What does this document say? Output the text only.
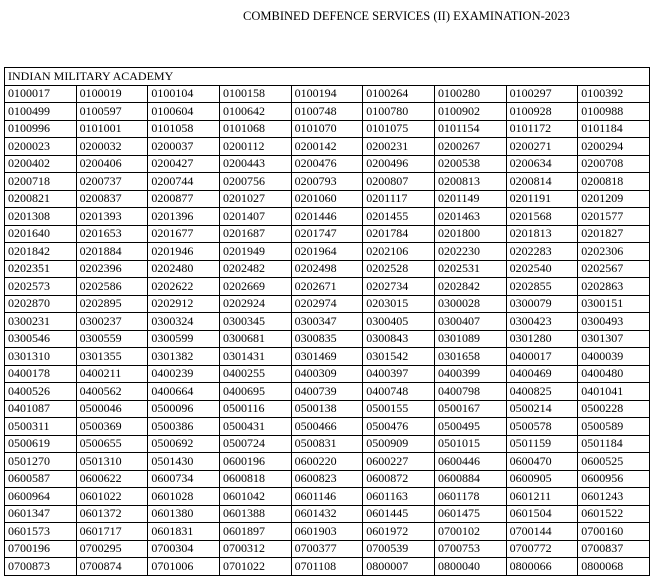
COMBINED DEFENCE SERVICES (II) EXAMINATION-2023
INDIAN MILITARY ACADEMY								
0100017	0100019	0100104	0100158	0100194	0100264	0100280	0100297	0100392
0100499	0100597	0100604	0100642	0100748	0100780	0100902	0100928	0100988
0100996	0101001	0101058	0101068	0101070	0101075	0101154	0101172	0101184
0200023	0200032	0200037	0200112	0200142	0200231	0200267	0200271	0200294
0200402	0200406	0200427	0200443	0200476	0200496	0200538	0200634	0200708
0200718	0200737	0200744	0200756	0200793	0200807	0200813	0200814	0200818
0200821	0200837	0200877	0201027	0201060	0201117	0201149	0201191	0201209
0201308	0201393	0201396	0201407	0201446	0201455	0201463	0201568	0201577
0201640	0201653	0201677	0201687	0201747	0201784	0201800	0201813	0201827
0201842	0201884	0201946	0201949	0201964	0202106	0202230	0202283	0202306
0202351	0202396	0202480	0202482	0202498	0202528	0202531	0202540	0202567
0202573	0202586	0202622	0202669	0202671	0202734	0202842	0202855	0202863
0202870	0202895	0202912	0202924	0202974	0203015	0300028	0300079	0300151
0300231	0300237	0300324	0300345	0300347	0300405	0300407	0300423	0300493
0300546	0300559	0300599	0300681	0300835	0300843	0301089	0301280	0301307
0301310	0301355	0301382	0301431	0301469	0301542	0301658	0400017	0400039
0400178	0400211	0400239	0400255	0400309	0400397	0400399	0400469	0400480
0400526	0400562	0400664	0400695	0400739	0400748	0400798	0400825	0401041
0401087	0500046	0500096	0500116	0500138	0500155	0500167	0500214	0500228
0500311	0500369	0500386	0500431	0500466	0500476	0500495	0500578	0500589
0500619	0500655	0500692	0500724	0500831	0500909	0501015	0501159	0501184
0501270	0501310	0501430	0600196	0600220	0600227	0600446	0600470	0600525
0600587	0600622	0600734	0600818	0600823	0600872	0600884	0600905	0600956
0600964	0601022	0601028	0601042	0601146	0601163	0601178	0601211	0601243
0601347	0601372	0601380	0601388	0601432	0601445	0601475	0601504	0601522
0601573	0601717	0601831	0601897	0601903	0601972	0700102	0700144	0700160
0700196	0700295	0700304	0700312	0700377	0700539	0700753	0700772	0700837
0700873	0700874	0701006	0701022	0701108	0800007	0800040	0800066	0800068
